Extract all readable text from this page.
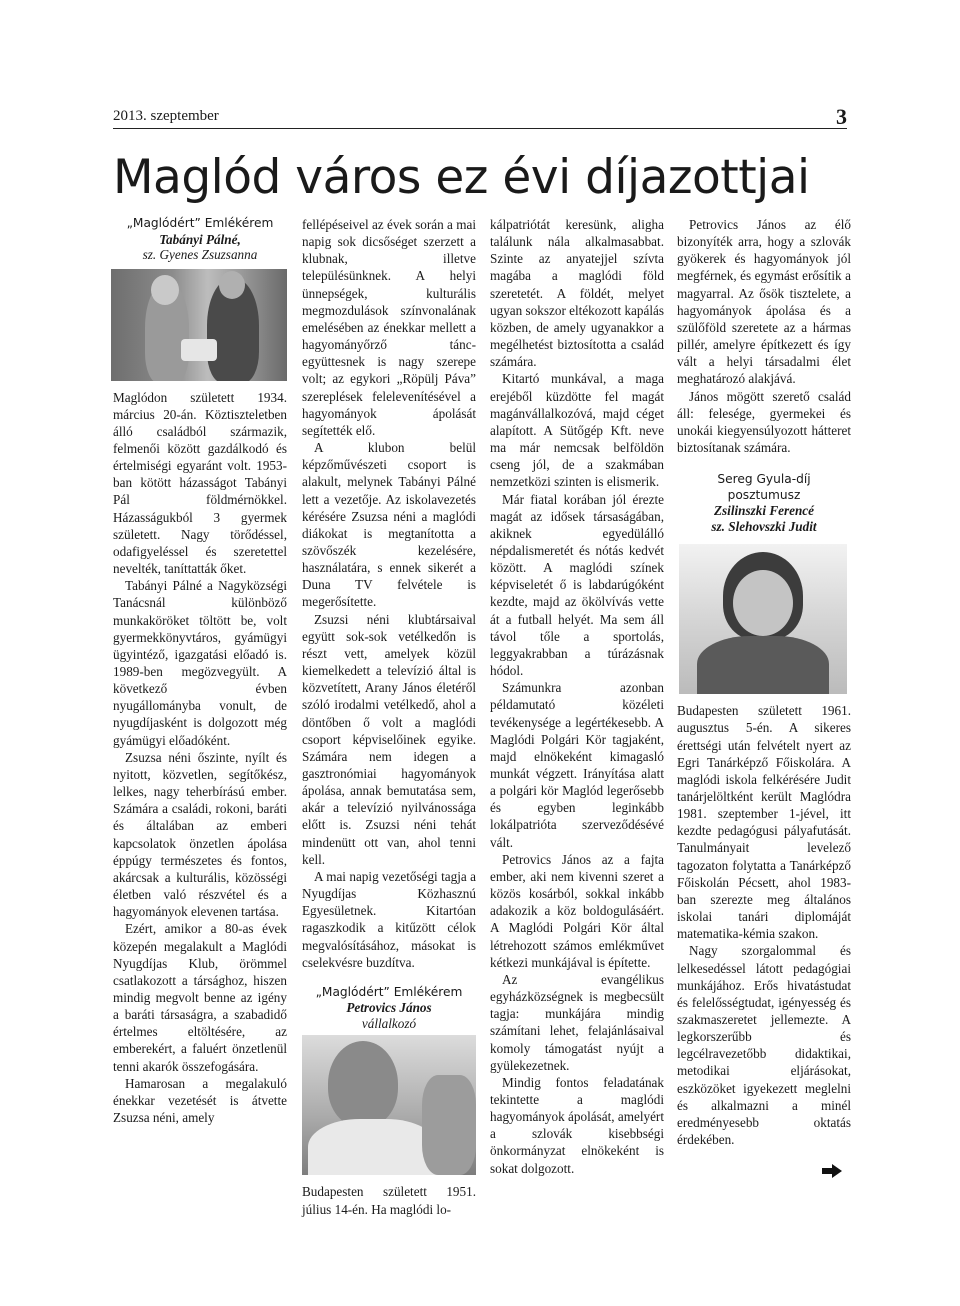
2013. szeptember	3
Maglód város ez évi díjazottjai
„Maglódért” Emlékérem
Tabányi Pálné,
sz. Gyenes Zsuzsanna

Maglódon született 1934. március 20-án. Köztiszteletben álló családból származik, felmenői között gazdálkodó és értelmiségi egyaránt volt. 1953-ban kötött házasságot Tabányi Pál földmérnökkel. Házasságukból 3 gyermek született. Nagy törődéssel, odafigyeléssel és szeretettel nevelték, taníttatták őket.

Tabányi Pálné a Nagyközségi Tanácsnál különböző munkaköröket töltött be, volt gyermekkönyvtáros, gyámügyi ügyintéző, igazgatási előadó is. 1989-ben megözvegyült. A következő évben nyugállományba vonult, de nyugdíjasként is dolgozott még gyámügyi előadóként.

Zsuzsa néni őszinte, nyílt és nyitott, közvetlen, segítőkész, lelkes, nagy teherbírású ember. Számára a családi, rokoni, baráti és általában az emberi kapcsolatok önzetlen ápolása éppúgy természetes és fontos, akárcsak a kulturális, közösségi életben való részvétel és a hagyományok elevenen tartása.

Ezért, amikor a 80-as évek közepén megalakult a Maglódi Nyugdíjas Klub, örömmel csatlakozott a társághoz, hiszen mindig megvolt benne az igény a baráti társaságra, a szabadidő értelmes eltöltésére, az emberekért, a faluért önzetlenül tenni akarók összefogására.

Hamarosan a megalakuló énekkar vezetését is átvette Zsuzsa néni, amely

fellépéseivel az évek során a mai napig sok dicsőséget szerzett a klubnak, illetve településünknek. A helyi ünnepségek, kulturális megmozdulások színvonalának emelésében az énekkar mellett a hagyományőrző tánc-együttesnek is nagy szerepe volt; az egykori „Röpülj Páva” szereplések felelevenítésével a hagyományok ápolását segítették elő.

A klubon belül képzőművészeti csoport is alakult, melynek Tabányi Pálné lett a vezetője. Az iskolavezetés kérésére Zsuzsa néni a maglódi diákokat is megtanította a szövőszék kezelésére, használatára, s ennek sikerét a Duna TV felvétele is megerősítette.

Zsuzsi néni klubtársaival együtt sok-sok vetélkedőn is részt vett, amelyek közül kiemelkedett a televízió által is közvetített, Arany János életéről szóló irodalmi vetélkedő, ahol a döntőben ő volt a maglódi csoport képviselőinek egyike. Számára nem idegen a gasztronómiai hagyományok ápolása, annak bemutatása sem, akár a televízió nyilvánossága előtt is. Zsuzsi néni tehát mindenütt ott van, ahol tenni kell.

A mai napig vezetőségi tagja a Nyugdíjas Közhasznú Egyesületnek. Kitartóan ragaszkodik a kitűzött célok megvalósításához, másokat is cselekvésre buzdítva.

„Maglódért” Emlékérem
Petrovics János
vállalkozó

Budapesten született 1951. július 14-én. Ha maglódi lo-

kálpatriótát keresünk, aligha találunk nála alkalmasabbat. Szinte az anyatejjel szívta magába a maglódi föld szeretetét. A földét, melyet ugyan sokszor eltékozott kapálás közben, de amely ugyanakkor a megélhetést biztosította a család számára.

Kitartó munkával, a maga erejéből küzdötte fel magát magánvállalkozóvá, majd céget alapított. A Sütőgép Kft. neve ma már nemcsak belföldön cseng jól, de a szakmában nemzetközi szinten is elismerik.

Már fiatal korában jól érezte magát az idősek társaságában, akiknek egyedülálló népdalismeretét és nótás kedvét között. A maglódi színek képviseletét ő is labdarúgóként kezdte, majd az ökölvívás vette át a futball helyét. Ma sem áll távol tőle a sportolás, leggyakrabban a túrázásnak hódol.

Számunkra azonban példamutató közéleti tevékenysége a legértékesebb. A Maglódi Polgári Kör tagjaként, majd elnökeként kimagasló munkát végzett. Irányítása alatt a polgári kör Maglód legerősebb és egyben leginkább lokálpatrióta szerveződésévé vált.

Petrovics János az a fajta ember, aki nem kivenni szeret a közös kosárból, sokkal inkább adakozik a köz boldogulásáért. A Maglódi Polgári Kör által létrehozott számos emlékművet kétkezi munkájával is építette.

Az evangélikus egyházközségnek is megbecsült tagja: munkájára mindig számítani lehet, felajánlásaival komoly támogatást nyújt a gyülekezetnek.

Mindig fontos feladatának tekintette a maglódi hagyományok ápolását, amelyért a szlovák kisebbségi önkormányzat elnökeként is sokat dolgozott.

Petrovics János az élő bizonyíték arra, hogy a szlovák gyökerek és hagyományok jól megférnek, és egymást erősítik a magyarral. Az ősök tisztelete, a hagyományok ápolása és a szülőföld szeretete az a hármas pillér, amelyre építkezett és így vált a helyi társadalmi élet meghatározó alakjává.

János mögött szerető család áll: felesége, gyermekei és unokái kiegyensúlyozott hátteret biztosítanak számára.

Sereg Gyula-díj
posztumusz
Zsilinszki Ferencé
sz. Slehovszki Judit

Budapesten született 1961. augusztus 5-én. A sikeres érettségi után felvételt nyert az Egri Tanárképző Főiskolára. A maglódi iskola felkérésére Judit tanárjelöltként került Maglódra 1981. szeptember 1-jével, itt kezdte pedagógusi pályafutását. Tanulmányait levelező tagozaton folytatta a Tanárképző Főiskolán Pécsett, ahol 1983-ban szerezte meg általános iskolai tanári diplomáját matematika-kémia szakon.

Nagy szorgalommal és lelkesedéssel látott pedagógiai munkájához. Erős hivatástudat és felelősségtudat, igényesség és szakmaszeretet jellemezte. A legkorszerűbb és legcélravezetőbb didaktikai, metodikai eljárásokat, eszközöket igyekezett meglelni és alkalmazni a minél eredményesebb oktatás érdekében.
